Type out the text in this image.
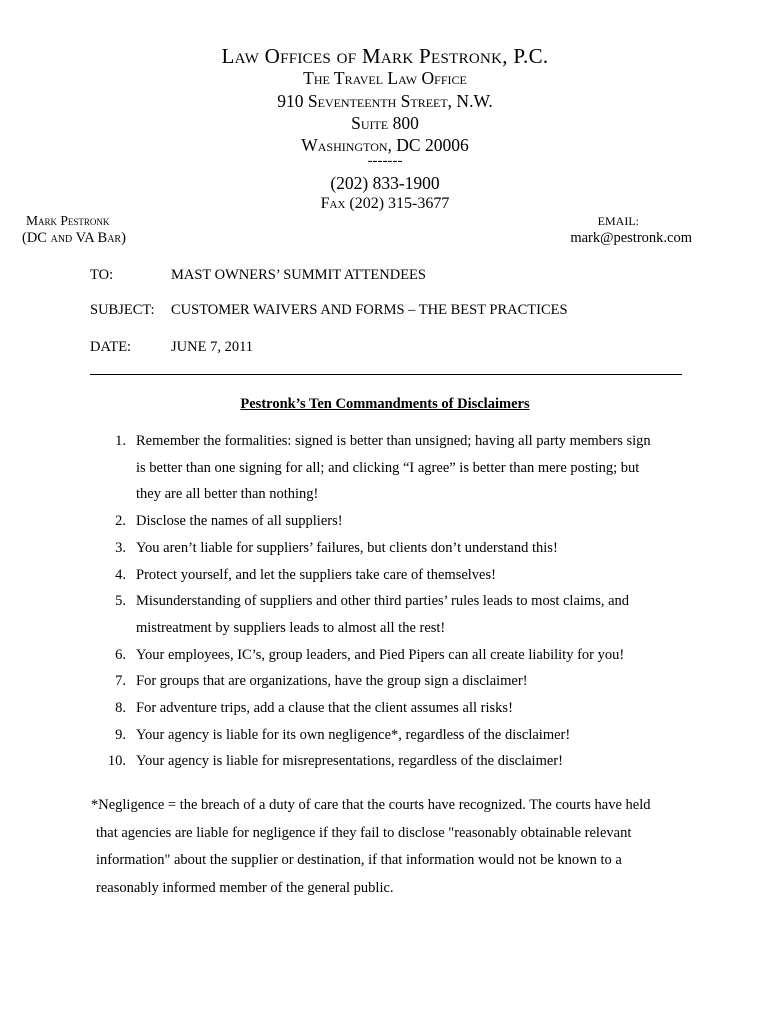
Law Offices of Mark Pestronk, P.C.
The Travel Law Office
910 Seventeenth Street, N.W.
Suite 800
Washington, DC 20006
-------
(202) 833-1900
Fax (202) 315-3677
Mark Pestronk
(DC and VA Bar)
EMAIL:
mark@pestronk.com
TO:	MAST OWNERS’ SUMMIT ATTENDEES
SUBJECT: CUSTOMER WAIVERS AND FORMS – THE BEST PRACTICES
DATE:	JUNE 7, 2011
Pestronk’s Ten Commandments of Disclaimers
1. Remember the formalities: signed is better than unsigned; having all party members sign
is better than one signing for all; and clicking “I agree” is better than mere posting; but
they are all better than nothing!
2. Disclose the names of all suppliers!
3. You aren’t liable for suppliers’ failures, but clients don’t understand this!
4. Protect yourself, and let the suppliers take care of themselves!
5. Misunderstanding of suppliers and other third parties’ rules leads to most claims, and
mistreatment by suppliers leads to almost all the rest!
6. Your employees, IC’s, group leaders, and Pied Pipers can all create liability for you!
7. For groups that are organizations, have the group sign a disclaimer!
8. For adventure trips, add a clause that the client assumes all risks!
9. Your agency is liable for its own negligence*, regardless of the disclaimer!
10. Your agency is liable for misrepresentations, regardless of the disclaimer!

*Negligence = the breach of a duty of care that the courts have recognized. The courts have held

that agencies are liable for negligence if they fail to disclose "reasonably obtainable relevant

information" about the supplier or destination, if that information would not be known to a

reasonably informed member of the general public.
